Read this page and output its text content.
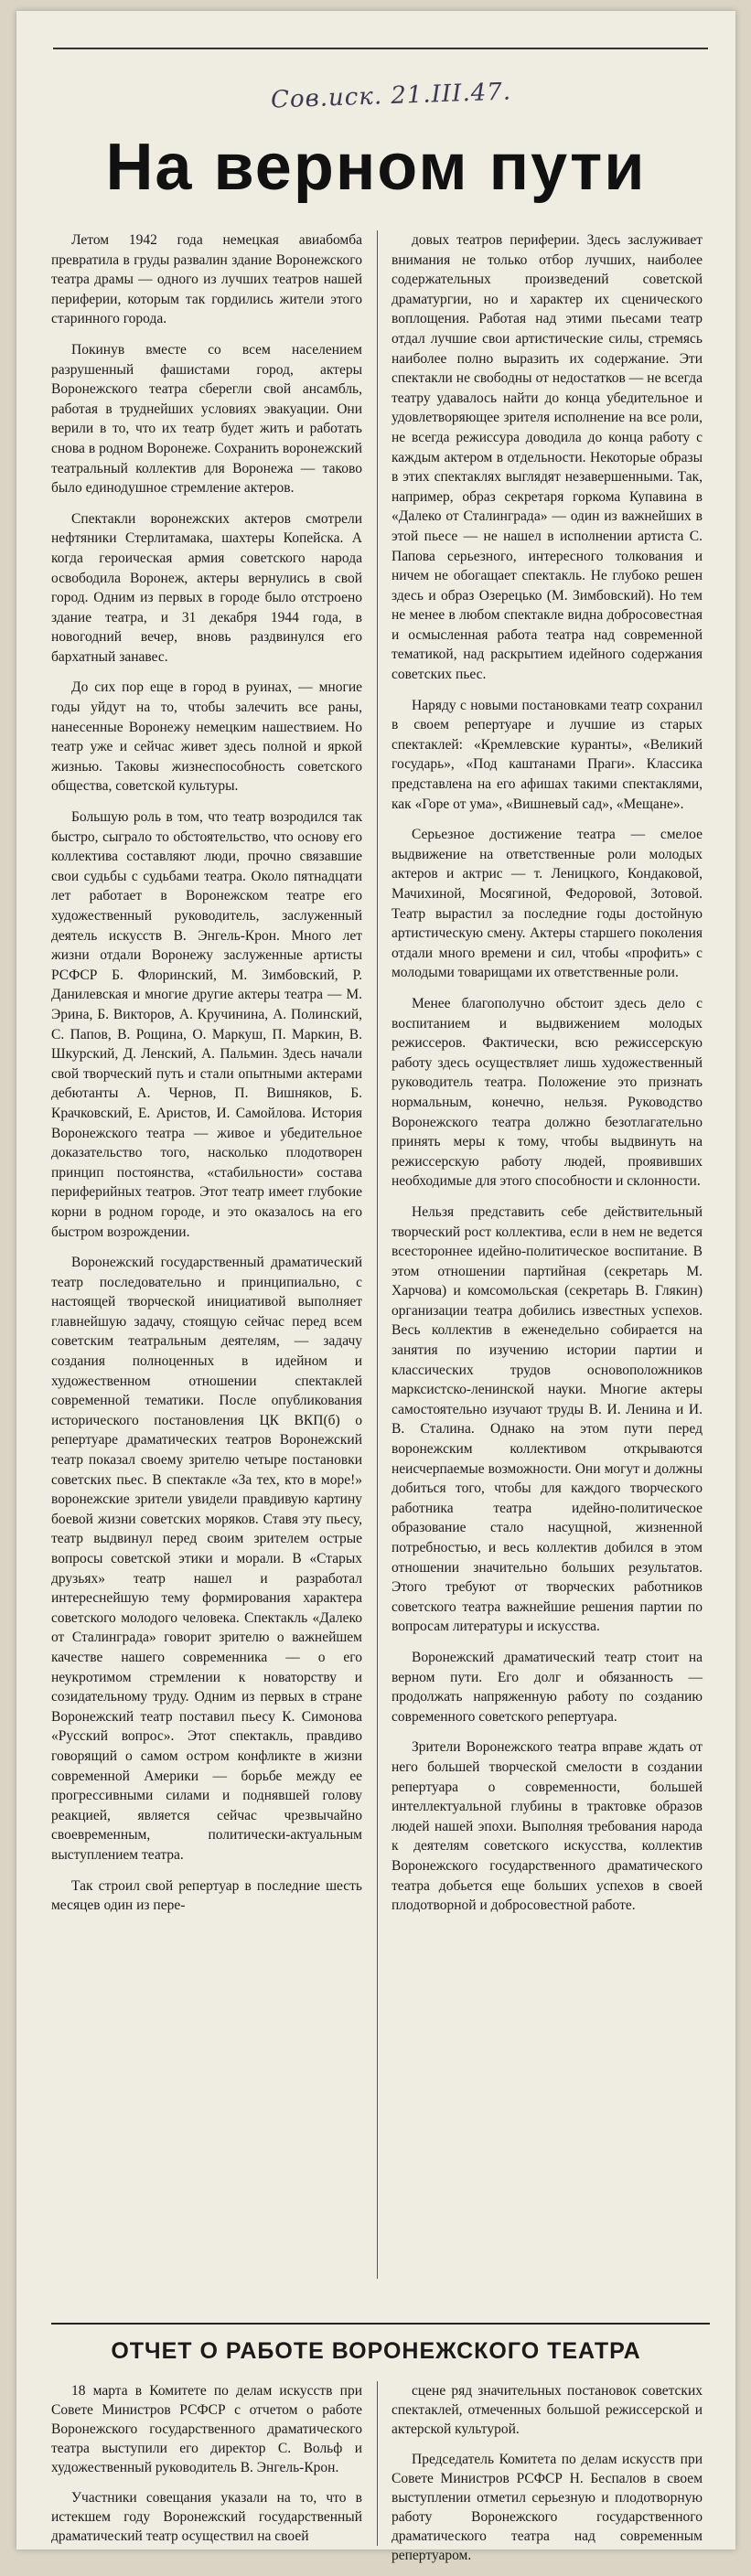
Сов.иск. 21.III.47.
На верном пути

Летом 1942 года немецкая авиабомба превратила в груды развалин здание Воронежского театра драмы — одного из лучших театров нашей периферии, которым так гордились жители этого старинного города.

Покинув вместе со всем населением разрушенный фашистами город, актеры Воронежского театра сберегли свой ансамбль, работая в труднейших условиях эвакуации. Они верили в то, что их театр будет жить и работать снова в родном Воронеже. Сохранить воронежский театральный коллектив для Воронежа — таково было единодушное стремление актеров.

Спектакли воронежских актеров смотрели нефтяники Стерлитамака, шахтеры Копейска. А когда героическая армия советского народа освободила Воронеж, актеры вернулись в свой город. Одним из первых в городе было отстроено здание театра, и 31 декабря 1944 года, в новогодний вечер, вновь раздвинулся его бархатный занавес.

До сих пор еще в город в руинах, — многие годы уйдут на то, чтобы залечить все раны, нанесенные Воронежу немецким нашествием. Но театр уже и сейчас живет здесь полной и яркой жизнью. Таковы жизнеспособность советского общества, советской культуры.

Большую роль в том, что театр возродился так быстро, сыграло то обстоятельство, что основу его коллектива составляют люди, прочно связавшие свои судьбы с судьбами театра. Около пятнадцати лет работает в Воронежском театре его художественный руководитель, заслуженный деятель искусств В. Энгель-Крон. Много лет жизни отдали Воронежу заслуженные артисты РСФСР Б. Флоринский, М. Зимбовский, Р. Данилевская и многие другие актеры театра — М. Эрина, Б. Викторов, А. Кручинина, А. Полинский, С. Папов, В. Рощина, О. Маркуш, П. Маркин, В. Шкурский, Д. Ленский, А. Пальмин. Здесь начали свой творческий путь и стали опытными актерами дебютанты А. Чернов, П. Вишняков, Б. Крачковский, Е. Аристов, И. Самойлова. История Воронежского театра — живое и убедительное доказательство того, насколько плодотворен принцип постоянства, «стабильности» состава периферийных театров. Этот театр имеет глубокие корни в родном городе, и это оказалось на его быстром возрождении.

Воронежский государственный драматический театр последовательно и принципиально, с настоящей творческой инициативой выполняет главнейшую задачу, стоящую сейчас перед всем советским театральным деятелям, — задачу создания полноценных в идейном и художественном отношении спектаклей современной тематики. После опубликования исторического постановления ЦК ВКП(б) о репертуаре драматических театров Воронежский театр показал своему зрителю четыре постановки советских пьес. В спектакле «За тех, кто в море!» воронежские зрители увидели правдивую картину боевой жизни советских моряков. Ставя эту пьесу, театр выдвинул перед своим зрителем острые вопросы советской этики и морали. В «Старых друзьях» театр нашел и разработал интереснейшую тему формирования характера советского молодого человека. Спектакль «Далеко от Сталинграда» говорит зрителю о важнейшем качестве нашего современника — о его неукротимом стремлении к новаторству и созидательному труду. Одним из первых в стране Воронежский театр поставил пьесу К. Симонова «Русский вопрос». Этот спектакль, правдиво говорящий о самом остром конфликте в жизни современной Америки — борьбе между ее прогрессивными силами и поднявшей голову реакцией, является сейчас чрезвычайно своевременным, политически-актуальным выступлением театра.

Так строил свой репертуар в последние шесть месяцев один из пере-

довых театров периферии. Здесь заслуживает внимания не только отбор лучших, наиболее содержательных произведений советской драматургии, но и характер их сценического воплощения. Работая над этими пьесами театр отдал лучшие свои артистические силы, стремясь наиболее полно выразить их содержание. Эти спектакли не свободны от недостатков — не всегда театру удавалось найти до конца убедительное и удовлетворяющее зрителя исполнение на все роли, не всегда режиссура доводила до конца работу с каждым актером в отдельности. Некоторые образы в этих спектаклях выглядят незавершенными. Так, например, образ секретаря горкома Купавина в «Далеко от Сталинграда» — один из важнейших в этой пьесе — не нашел в исполнении артиста С. Папова серьезного, интересного толкования и ничем не обогащает спектакль. Не глубоко решен здесь и образ Озерецько (М. Зимбовский). Но тем не менее в любом спектакле видна добросовестная и осмысленная работа театра над современной тематикой, над раскрытием идейного содержания советских пьес.

Наряду с новыми постановками театр сохранил в своем репертуаре и лучшие из старых спектаклей: «Кремлевские куранты», «Великий государь», «Под каштанами Праги». Классика представлена на его афишах такими спектаклями, как «Горе от ума», «Вишневый сад», «Мещане».

Серьезное достижение театра — смелое выдвижение на ответственные роли молодых актеров и актрис — т. Леницкого, Кондаковой, Мачихиной, Мосягиной, Федоровой, Зотовой. Театр вырастил за последние годы достойную артистическую смену. Актеры старшего поколения отдали много времени и сил, чтобы «профить» с молодыми товарищами их ответственные роли.

Менее благополучно обстоит здесь дело с воспитанием и выдвижением молодых режиссеров. Фактически, всю режиссерскую работу здесь осуществляет лишь художественный руководитель театра. Положение это признать нормальным, конечно, нельзя. Руководство Воронежского театра должно безотлагательно принять меры к тому, чтобы выдвинуть на режиссерскую работу людей, проявивших необходимые для этого способности и склонности.

Нельзя представить себе действительный творческий рост коллектива, если в нем не ведется всестороннее идейно-политическое воспитание. В этом отношении партийная (секретарь М. Харчова) и комсомольская (секретарь В. Глякин) организации театра добились известных успехов. Весь коллектив в еженедельно собирается на занятия по изучению истории партии и классических трудов основоположников марксистско-ленинской науки. Многие актеры самостоятельно изучают труды В. И. Ленина и И. В. Сталина. Однако на этом пути перед воронежским коллективом открываются неисчерпаемые возможности. Они могут и должны добиться того, чтобы для каждого творческого работника театра идейно-политическое образование стало насущной, жизненной потребностью, и весь коллектив добился в этом отношении значительно больших результатов. Этого требуют от творческих работников советского театра важнейшие решения партии по вопросам литературы и искусства.

Воронежский драматический театр стоит на верном пути. Его долг и обязанность — продолжать напряженную работу по созданию современного советского репертуара.

Зрители Воронежского театра вправе ждать от него большей творческой смелости в создании репертуара о современности, большей интеллектуальной глубины в трактовке образов людей нашей эпохи. Выполняя требования народа к деятелям советского искусства, коллектив Воронежского государственного драматического театра добьется еще больших успехов в своей плодотворной и добросовестной работе.

ОТЧЕТ О РАБОТЕ ВОРОНЕЖСКОГО ТЕАТРА

18 марта в Комитете по делам искусств при Совете Министров РСФСР с отчетом о работе Воронежского государственного драматического театра выступили его директор С. Вольф и художественный руководитель В. Энгель-Крон.

Участники совещания указали на то, что в истекшем году Воронежский государственный драматический театр осуществил на своей

сцене ряд значительных постановок советских спектаклей, отмеченных большой режиссерской и актерской культурой.

Председатель Комитета по делам искусств при Совете Министров РСФСР Н. Беспалов в своем выступлении отметил серьезную и плодотворную работу Воронежского государственного драматического театра над современным репертуаром.
